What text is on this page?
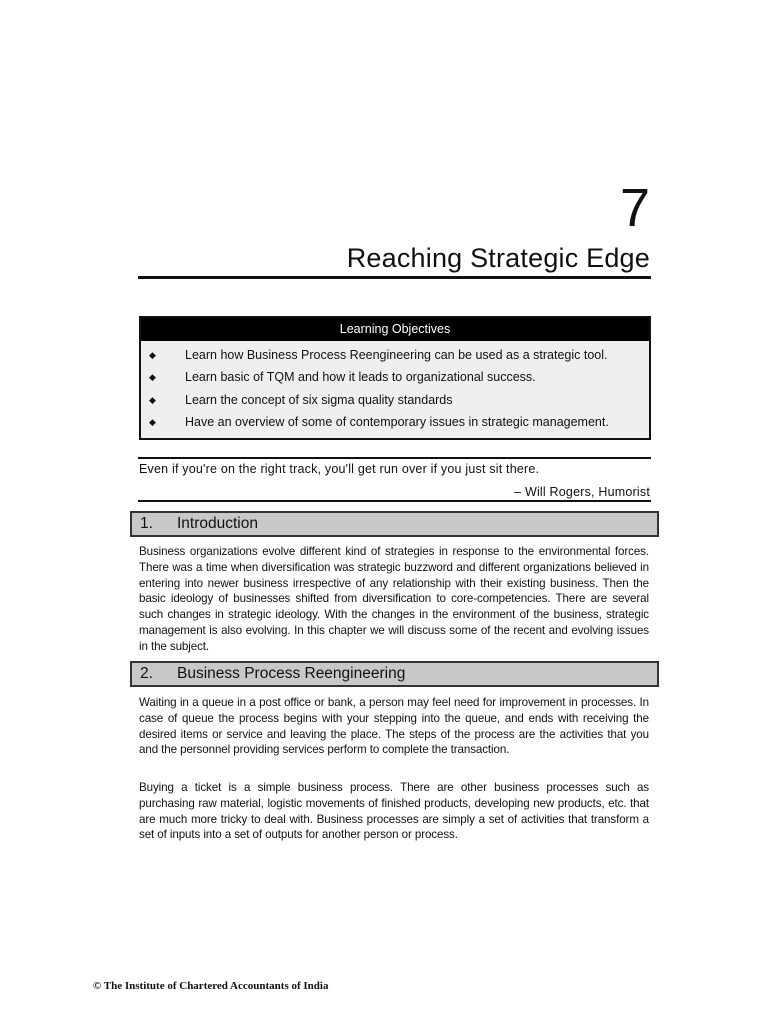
7
Reaching Strategic Edge
Learning Objectives
◆ Learn how Business Process Reengineering can be used as a strategic tool.
◆ Learn basic of TQM and how it leads to organizational success.
◆ Learn the concept of six sigma quality standards
◆ Have an overview of some of contemporary issues in strategic management.
Even if you're on the right track, you'll get run over if you just sit there.
– Will Rogers, Humorist
1. Introduction
Business organizations evolve different kind of strategies in response to the environmental forces. There was a time when diversification was strategic buzzword and different organizations believed in entering into newer business irrespective of any relationship with their existing business. Then the basic ideology of businesses shifted from diversification to core-competencies. There are several such changes in strategic ideology. With the changes in the environment of the business, strategic management is also evolving. In this chapter we will discuss some of the recent and evolving issues in the subject.
2. Business Process Reengineering
Waiting in a queue in a post office or bank, a person may feel need for improvement in processes. In case of queue the process begins with your stepping into the queue, and ends with receiving the desired items or service and leaving the place. The steps of the process are the activities that you and the personnel providing services perform to complete the transaction.
Buying a ticket is a simple business process. There are other business processes such as purchasing raw material, logistic movements of finished products, developing new products, etc. that are much more tricky to deal with. Business processes are simply a set of activities that transform a set of inputs into a set of outputs for another person or process.
© The Institute of Chartered Accountants of India
